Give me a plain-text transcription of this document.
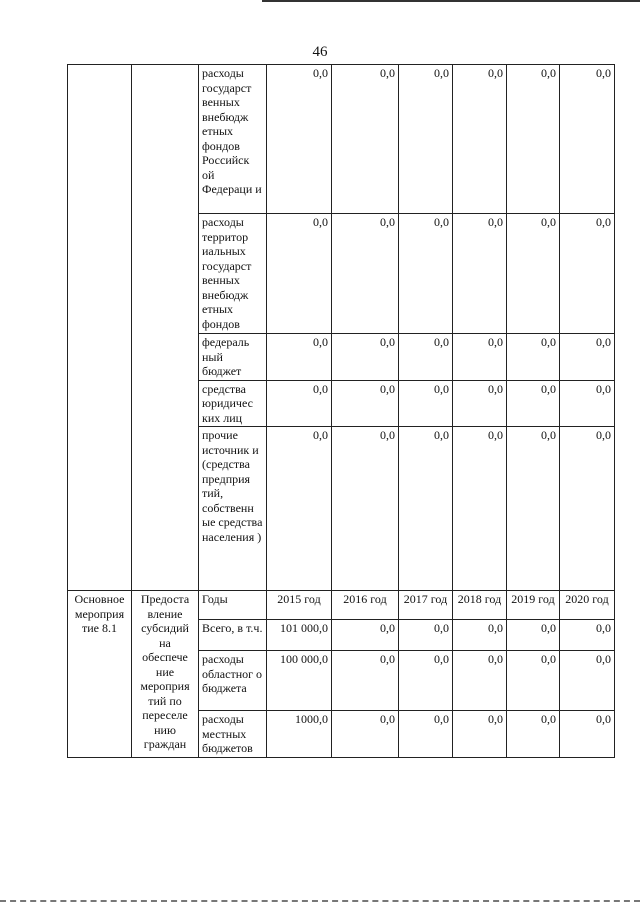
46
		расходы государст венных внебюдж етных фондов Российск ой Федераци и	0,0	0,0	0,0	0,0	0,0	0,0
		расходы территор иальных государст венных внебюдж етных фондов	0,0	0,0	0,0	0,0	0,0	0,0
		федераль ный бюджет	0,0	0,0	0,0	0,0	0,0	0,0
		средства юридичес ких лиц	0,0	0,0	0,0	0,0	0,0	0,0
		прочие источник и (средства предприя тий, собственн ые средства населения )	0,0	0,0	0,0	0,0	0,0	0,0
Основное мероприя тие 8.1	Предоста вление субсидий на обеспече ние мероприя тий по переселе нию граждан	Годы	2015 год	2016 год	2017 год	2018 год	2019 год	2020 год
		Всего, в т.ч.	101 000,0	0,0	0,0	0,0	0,0	0,0
		расходы областног о бюджета	100 000,0	0,0	0,0	0,0	0,0	0,0
		расходы местных бюджетов	1000,0	0,0	0,0	0,0	0,0	0,0
